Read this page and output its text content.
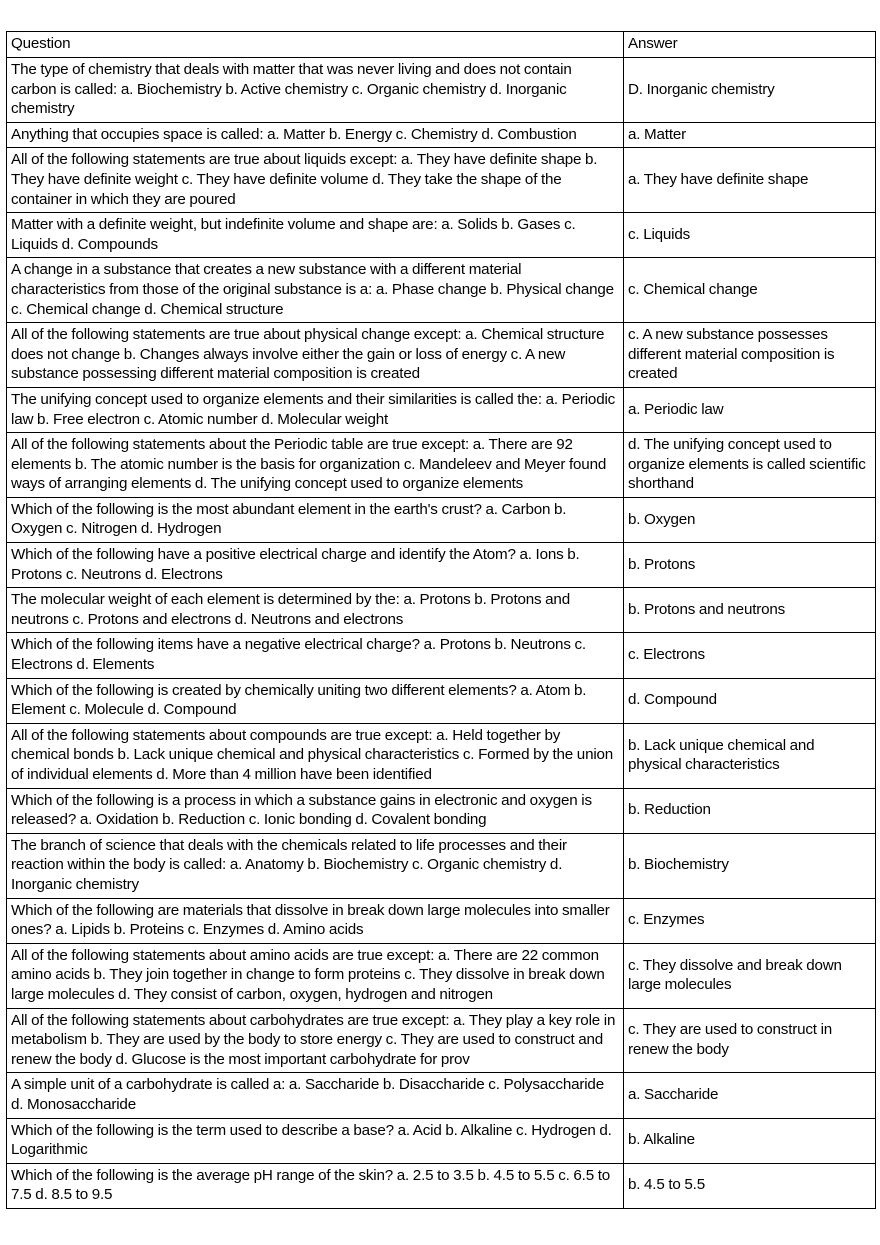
Question	Answer

The type of chemistry that deals with matter that was never living and does not contain carbon is called: a. Biochemistry b. Active chemistry c. Organic chemistry d. Inorganic chemistry	D. Inorganic chemistry

Anything that occupies space is called: a. Matter b. Energy c. Chemistry d. Combustion	a. Matter

All of the following statements are true about liquids except: a. They have definite shape b. They have definite weight c. They have definite volume d. They take the shape of the container in which they are poured	a. They have definite shape

Matter with a definite weight, but indefinite volume and shape are: a. Solids b. Gases c. Liquids d. Compounds	c. Liquids

A change in a substance that creates a new substance with a different material characteristics from those of the original substance is a: a. Phase change b. Physical change c. Chemical change d. Chemical structure	c. Chemical change

All of the following statements are true about physical change except: a. Chemical structure does not change b. Changes always involve either the gain or loss of energy c. A new substance possessing different material composition is created	c. A new substance possesses different material composition is created

The unifying concept used to organize elements and their similarities is called the: a. Periodic law b. Free electron c. Atomic number d. Molecular weight	a. Periodic law

All of the following statements about the Periodic table are true except: a. There are 92 elements b. The atomic number is the basis for organization c. Mandeleev and Meyer found ways of arranging elements d. The unifying concept used to organize elements	d. The unifying concept used to organize elements is called scientific shorthand

Which of the following is the most abundant element in the earth's crust? a. Carbon b. Oxygen c. Nitrogen d. Hydrogen	b. Oxygen

Which of the following have a positive electrical charge and identify the Atom? a. Ions b. Protons c. Neutrons d. Electrons	b. Protons

The molecular weight of each element is determined by the: a. Protons b. Protons and neutrons c. Protons and electrons d. Neutrons and electrons	b. Protons and neutrons

Which of the following items have a negative electrical charge? a. Protons b. Neutrons c. Electrons d. Elements	c. Electrons

Which of the following is created by chemically uniting two different elements? a. Atom b. Element c. Molecule d. Compound	d. Compound

All of the following statements about compounds are true except: a. Held together by chemical bonds b. Lack unique chemical and physical characteristics c. Formed by the union of individual elements d. More than 4 million have been identified	b. Lack unique chemical and physical characteristics

Which of the following is a process in which a substance gains in electronic and oxygen is released? a. Oxidation b. Reduction c. Ionic bonding d. Covalent bonding	b. Reduction

The branch of science that deals with the chemicals related to life processes and their reaction within the body is called: a. Anatomy b. Biochemistry c. Organic chemistry d. Inorganic chemistry	b. Biochemistry

Which of the following are materials that dissolve in break down large molecules into smaller ones? a. Lipids b. Proteins c. Enzymes d. Amino acids	c. Enzymes

All of the following statements about amino acids are true except: a. There are 22 common amino acids b. They join together in change to form proteins c. They dissolve in break down large molecules d. They consist of carbon, oxygen, hydrogen and nitrogen	c. They dissolve and break down large molecules

All of the following statements about carbohydrates are true except: a. They play a key role in metabolism b. They are used by the body to store energy c. They are used to construct and renew the body d. Glucose is the most important carbohydrate for prov	c. They are used to construct in renew the body

A simple unit of a carbohydrate is called a: a. Saccharide b. Disaccharide c. Polysaccharide d. Monosaccharide	a. Saccharide

Which of the following is the term used to describe a base? a. Acid b. Alkaline c. Hydrogen d. Logarithmic	b. Alkaline

Which of the following is the average pH range of the skin? a. 2.5 to 3.5 b. 4.5 to 5.5 c. 6.5 to 7.5 d. 8.5 to 9.5	b. 4.5 to 5.5
